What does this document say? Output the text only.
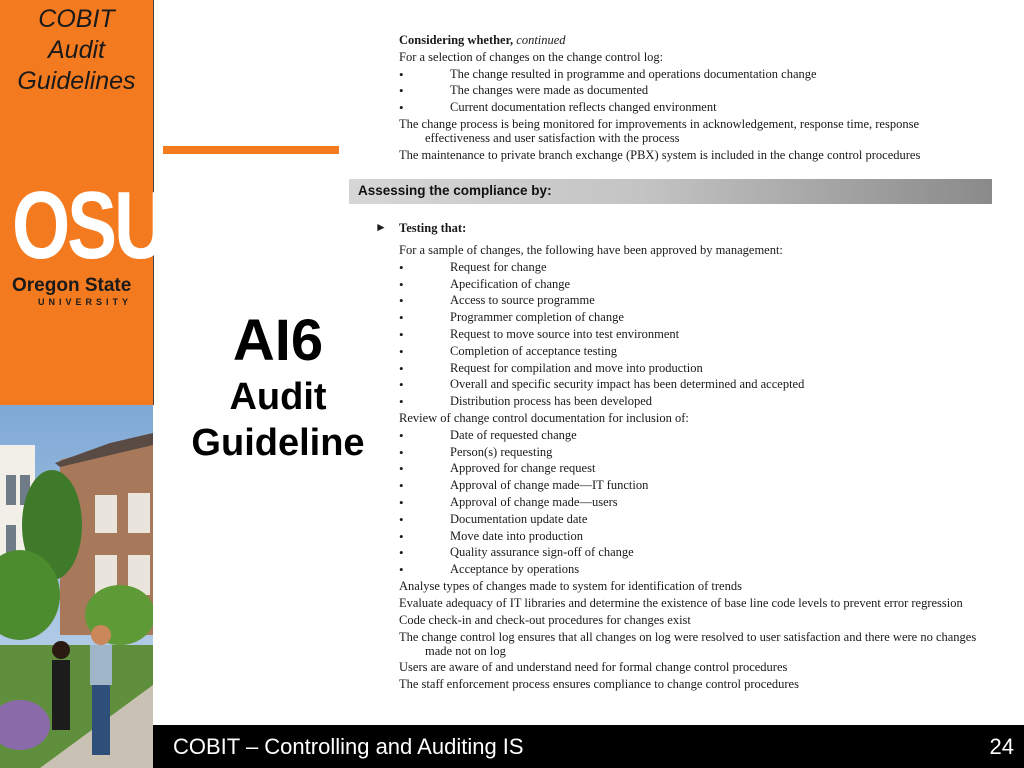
COBIT
Audit
Guidelines
OSU
Oregon State
UNIVERSITY
AI6
Audit
Guideline
Considering whether, continued
For a selection of changes on the change control log:
•	The change resulted in programme and operations documentation change
•	The changes were made as documented
•	Current documentation reflects changed environment
The change process is being monitored for improvements in acknowledgement, response time, response
effectiveness and user satisfaction with the process
The maintenance to private branch exchange (PBX) system is included in the change control procedures
Assessing the compliance by:
► Testing that:
For a sample of changes, the following have been approved by management:
•	Request for change
•	Apecification of change
•	Access to source programme
•	Programmer completion of change
•	Request to move source into test environment
•	Completion of acceptance testing
•	Request for compilation and move into production
•	Overall and specific security impact has been determined and accepted
•	Distribution process has been developed
Review of change control documentation for inclusion of:
•	Date of requested change
•	Person(s) requesting
•	Approved for change request
•	Approval of change made—IT function
•	Approval of change made—users
•	Documentation update date
•	Move date into production
•	Quality assurance sign-off of change
•	Acceptance by operations
Analyse types of changes made to system for identification of trends
Evaluate adequacy of IT libraries and determine the existence of base line code levels to prevent error regression
Code check-in and check-out procedures for changes exist
The change control log ensures that all changes on log were resolved to user satisfaction and there were no changes
made not on log
Users are aware of and understand need for formal change control procedures
The staff enforcement process ensures compliance to change control procedures
COBIT – Controlling and Auditing IS	24
